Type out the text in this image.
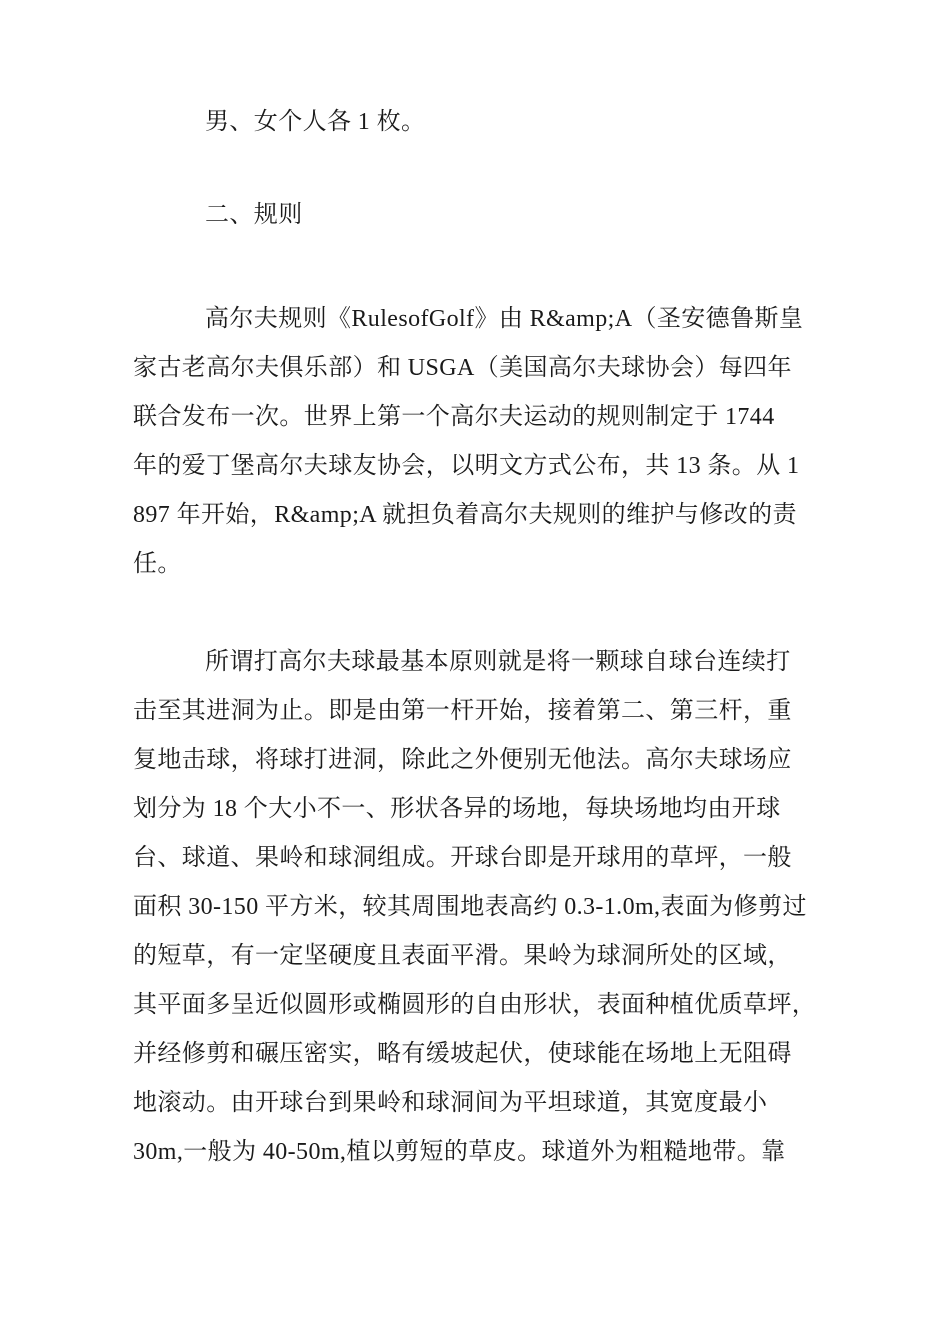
男、女个人各 1 枚。
二、规则
高尔夫规则《RulesofGolf》由 R&amp;A（圣安德鲁斯皇
家古老高尔夫俱乐部）和 USGA（美国高尔夫球协会）每四年
联合发布一次。世界上第一个高尔夫运动的规则制定于 1744
年的爱丁堡高尔夫球友协会，以明文方式公布，共 13 条。从 1
897 年开始，R&amp;A 就担负着高尔夫规则的维护与修改的责
任。
所谓打高尔夫球最基本原则就是将一颗球自球台连续打
击至其进洞为止。即是由第一杆开始，接着第二、第三杆，重
复地击球，将球打进洞，除此之外便别无他法。高尔夫球场应
划分为 18 个大小不一、形状各异的场地，每块场地均由开球
台、球道、果岭和球洞组成。开球台即是开球用的草坪，一般
面积 30-150 平方米，较其周围地表高约 0.3-1.0m,表面为修剪过
的短草，有一定坚硬度且表面平滑。果岭为球洞所处的区域，
其平面多呈近似圆形或椭圆形的自由形状，表面种植优质草坪，
并经修剪和碾压密实，略有缓坡起伏，使球能在场地上无阻碍
地滚动。由开球台到果岭和球洞间为平坦球道，其宽度最小
30m,一般为 40-50m,植以剪短的草皮。球道外为粗糙地带。靠
